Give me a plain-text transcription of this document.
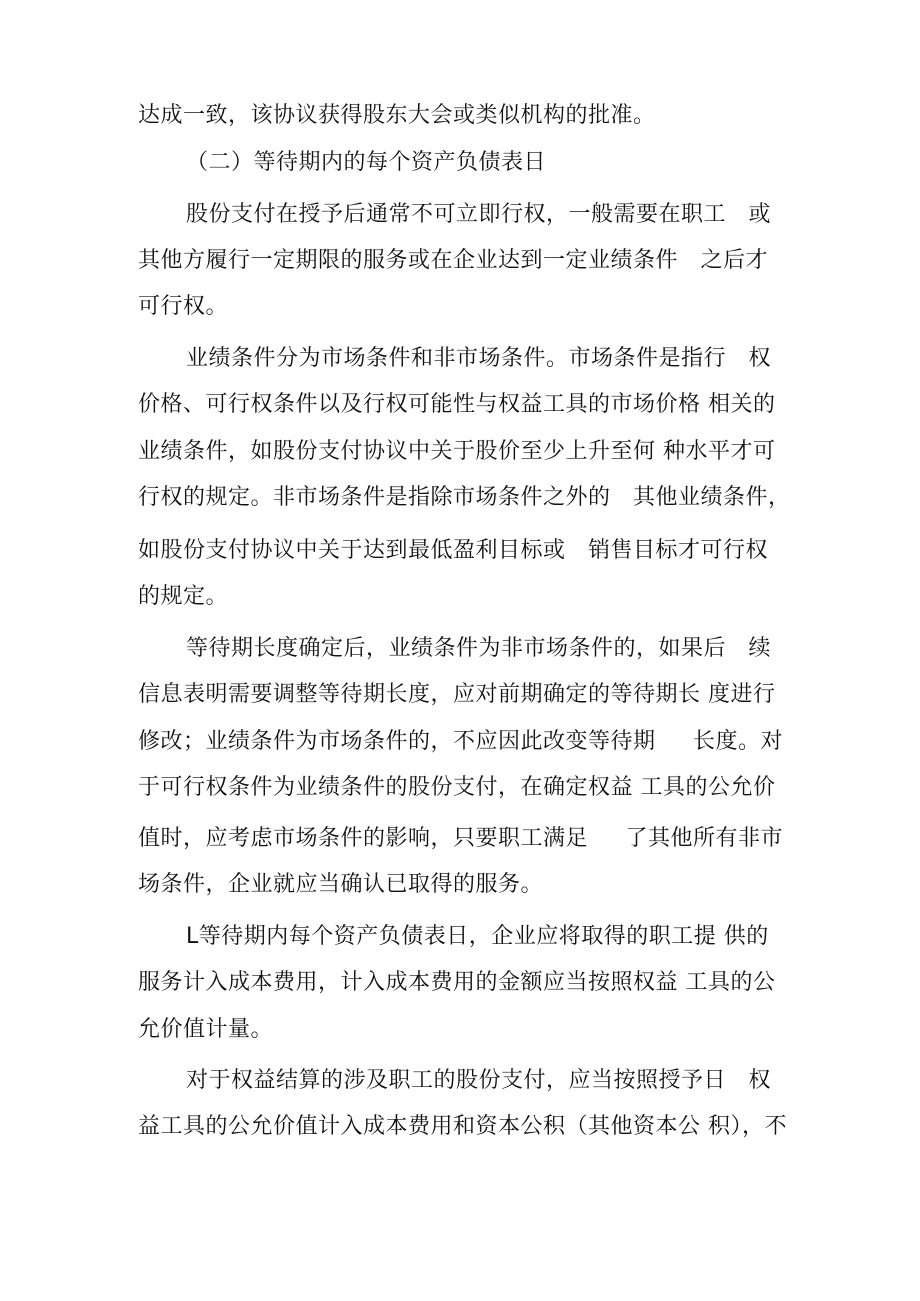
达成一致，该协议获得股东大会或类似机构的批准。
（二）等待期内的每个资产负债表日
股份支付在授予后通常不可立即行权，一般需要在职工   或
其他方履行一定期限的服务或在企业达到一定业绩条件   之后才
可行权。
业绩条件分为市场条件和非市场条件。市场条件是指行   权
价格、可行权条件以及行权可能性与权益工具的市场价格 相关的
业绩条件，如股份支付协议中关于股价至少上升至何 种水平才可
行权的规定。非市场条件是指除市场条件之外的   其他业绩条件，
如股份支付协议中关于达到最低盈利目标或   销售目标才可行权
的规定。
等待期长度确定后，业绩条件为非市场条件的，如果后   续
信息表明需要调整等待期长度，应对前期确定的等待期长 度进行
修改；业绩条件为市场条件的，不应因此改变等待期     长度。对
于可行权条件为业绩条件的股份支付，在确定权益 工具的公允价
值时，应考虑市场条件的影响，只要职工满足     了其他所有非市
场条件，企业就应当确认已取得的服务。
L等待期内每个资产负债表日，企业应将取得的职工提 供的
服务计入成本费用，计入成本费用的金额应当按照权益 工具的公
允价值计量。
对于权益结算的涉及职工的股份支付，应当按照授予日   权
益工具的公允价值计入成本费用和资本公积（其他资本公 积），不
